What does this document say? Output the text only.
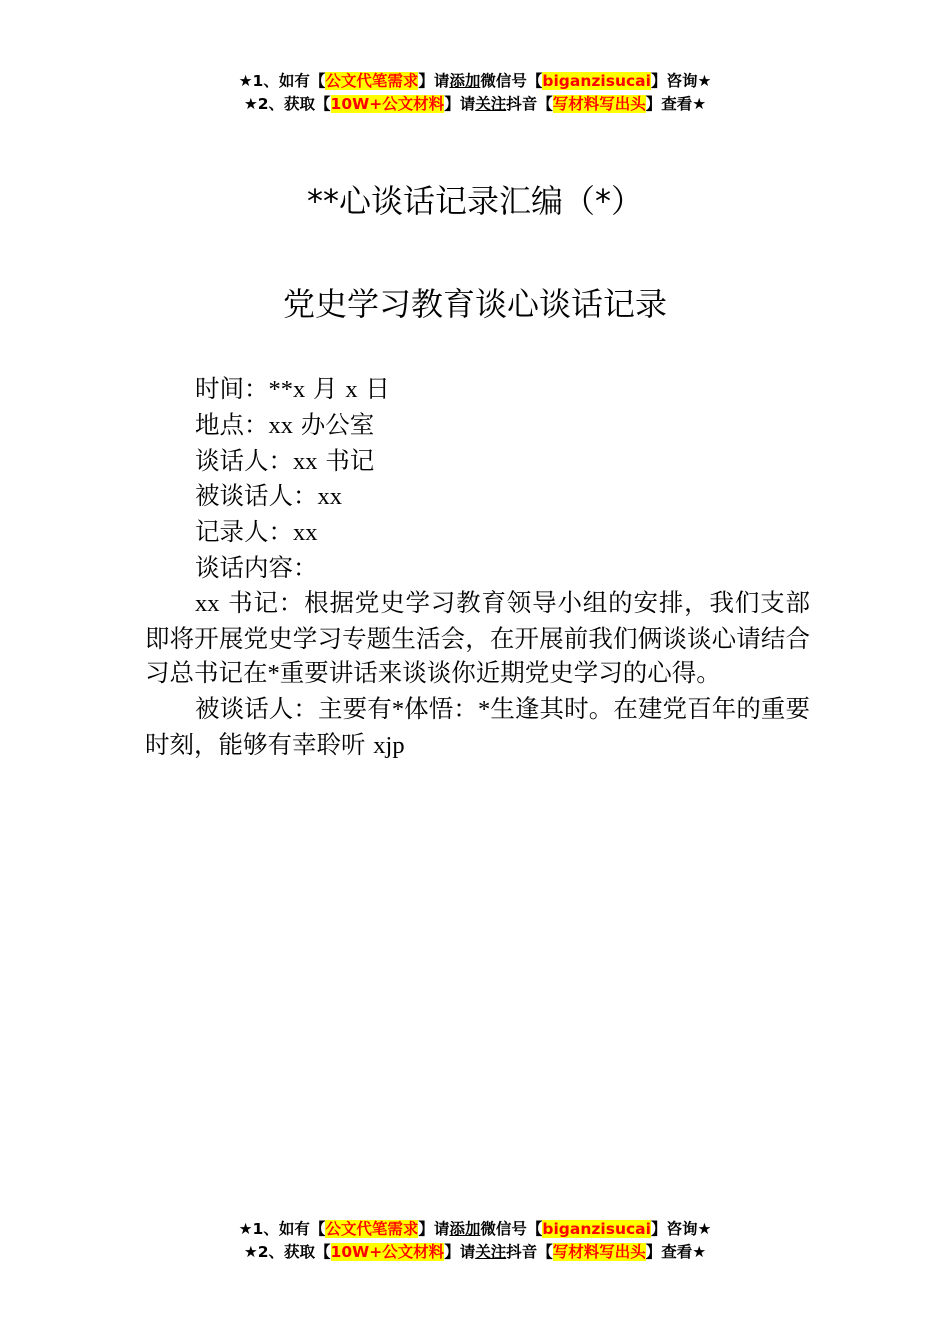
★1、如有【公文代笔需求】请添加微信号【biganzisucai】咨询★
★2、获取【10W+公文材料】请关注抖音【写材料写出头】查看★
**心谈话记录汇编（*）
党史学习教育谈心谈话记录

时间：**x 月 x 日

地点：xx 办公室

谈话人：xx 书记

被谈话人：xx

记录人：xx

谈话内容：

xx 书记：根据党史学习教育领导小组的安排，我们支部即将开展党史学习专题生活会，在开展前我们俩谈谈心请结合习总书记在*重要讲话来谈谈你近期党史学习的心得。

被谈话人：主要有*体悟：*生逢其时。在建党百年的重要时刻，能够有幸聆听 xjp

★1、如有【公文代笔需求】请添加微信号【biganzisucai】咨询★
★2、获取【10W+公文材料】请关注抖音【写材料写出头】查看★
